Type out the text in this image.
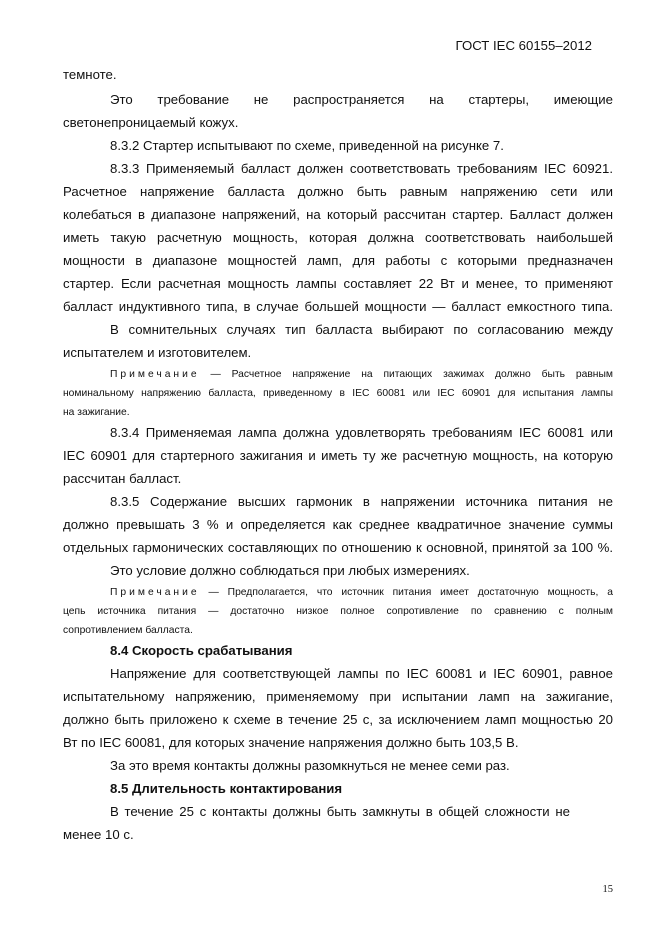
ГОСТ IEC 60155–2012
темноте.
Это требование не распространяется на стартеры, имеющие
светонепроницаемый кожух.
8.3.2 Стартер испытывают по схеме, приведенной на рисунке 7.
8.3.3 Применяемый балласт должен соответствовать требованиям IEC 60921.
Расчетное напряжение балласта должно быть равным напряжению сети или
колебаться в диапазоне напряжений, на который рассчитан стартер. Балласт должен
иметь такую расчетную мощность, которая должна соответствовать наибольшей
мощности в диапазоне мощностей ламп, для работы с которыми предназначен
стартер. Если расчетная мощность лампы составляет 22 Вт и менее, то применяют
балласт индуктивного типа, в случае большей мощности — балласт емкостного типа.
В сомнительных случаях тип балласта выбирают по согласованию между
испытателем и изготовителем.
Примечание — Расчетное напряжение на питающих зажимах должно быть равным
номинальному напряжению балласта, приведенному в IEC 60081 или IEC 60901 для испытания лампы
на зажигание.
8.3.4 Применяемая лампа должна удовлетворять требованиям IEC 60081 или
IEC 60901 для стартерного зажигания и иметь ту же расчетную мощность, на которую
рассчитан балласт.
8.3.5 Содержание высших гармоник в напряжении источника питания не
должно превышать 3 % и определяется как среднее квадратичное значение суммы
отдельных гармонических составляющих по отношению к основной, принятой за 100 %.
Это условие должно соблюдаться при любых измерениях.
Примечание — Предполагается, что источник питания имеет достаточную мощность, а
цепь источника питания — достаточно низкое полное сопротивление по сравнению с полным
сопротивлением балласта.
8.4 Скорость срабатывания
Напряжение для соответствующей лампы по IEC 60081 и IEC 60901, равное
испытательному напряжению, применяемому при испытании ламп на зажигание,
должно быть приложено к схеме в течение 25 с, за исключением ламп мощностью 20
Вт по IEC 60081, для которых значение напряжения должно быть 103,5 В.
За это время контакты должны разомкнуться не менее семи раз.
8.5 Длительность контактирования
В течение 25 с контакты должны быть замкнуты в общей сложности не
менее 10 с.
15
